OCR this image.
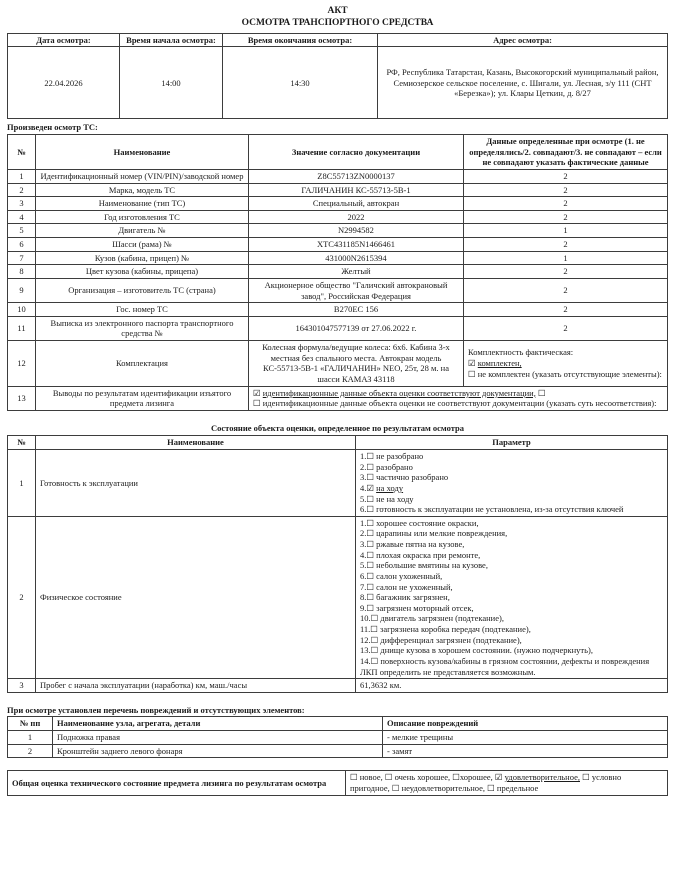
АКТ
ОСМОТРА ТРАНСПОРТНОГО СРЕДСТВА
Дата осмотра:	Время начала осмотра:	Время окончания осмотра:	Адрес осмотра:
22.04.2026	14:00	14:30	РФ, Республика Татарстан, Казань, Высокогорский муниципальный район, Семиозерское сельское поселение, с. Шигали, ул. Лесная, з/у 111 (СНТ «Березка»); ул. Клары Цеткин, д. 8/27
Произведен осмотр ТС:
№	Наименование	Значение согласно документации	Данные определенные при осмотре (1. не определялись/2. совпадают/3. не совпадают – если не совпадают указать фактические данные
1	Идентификационный номер (VIN/PIN)/заводской номер	Z8C55713ZN0000137	2
2	Марка, модель ТС	ГАЛИЧАНИН КС-55713-5В-1	2
3	Наименование (тип ТС)	Специальный, автокран	2
4	Год изготовления ТС	2022	2
5	Двигатель №	N2994582	1
6	Шасси (рама) №	XTC431185N1466461	2
7	Кузов (кабина, прицеп) №	431000N2615394	1
8	Цвет кузова (кабины, прицепа)	Желтый	2
9	Организация – изготовитель ТС (страна)	Акционерное общество "Галичский автокрановый завод", Российская Федерация	2
10	Гос. номер ТС	В270ЕС 156	2
11	Выписка из электронного паспорта транспортного средства №	164301047577139 от 27.06.2022 г.	2
12	Комплектация	Колесная формула/ведущие колеса: 6х6. Кабина 3-х местная без спального места. Автокран модель КС-55713-5В-1 «ГАЛИЧАНИН» NEO, 25т, 28 м. на шасси КАМАЗ 43118	Комплектность фактическая:
☑ комплектен,
☐ не комплектен (указать отсутствующие элементы):

13	Выводы по результатам идентификации изъятого предмета лизинга	☑ идентификационные данные объекта оценки соответствуют документации, ☐
☐ идентификационные данные объекта оценки не соответствуют документации (указать суть несоответствия):	
Состояние объекта оценки, определенное по результатам осмотра
№	Наименование	Параметр
1	Готовность к эксплуатации	
1.☐ не разобрано
2.☐ разобрано
3.☐ частично разобрано
4.☑ на ходу
5.☐ не на ходу
6.☐ готовность к эксплуатации не установлена, из-за отсутствия ключей

2	Физическое состояние	
1.☐ хорошее состояние окраски,
2.☐ царапины или мелкие повреждения,
3.☐ ржавые пятна на кузове,
4.☐ плохая окраска при ремонте,
5.☐ небольшие вмятины на кузове,
6.☐ салон ухоженный,
7.☐ салон не ухоженный,
8.☐ багажник загрязнен,
9.☐ загрязнен моторный отсек,
10.☐ двигатель загрязнен (подтекание),
11.☐ загрязнена коробка передач (подтекание),
12.☐ дифференциал загрязнен (подтекание),
13.☐ днище кузова в хорошем состоянии. (нужно подчеркнуть),
14.☐ поверхность кузова/кабины в грязном состоянии, дефекты и повреждения ЛКП определить не представляется возможным.

3	Пробег с начала эксплуатации (наработка) км, маш./часы	61,3632 км.
При осмотре установлен перечень повреждений и отсутствующих элементов:
№ пп	Наименование узла, агрегата, детали	Описание повреждений
1	Подножка правая	- мелкие трещины
2	Кронштейн заднего левого фонаря	- замят
Общая оценка технического состояние предмета лизинга по результатам осмотра	☐ новое, ☐ очень хорошее, ☐хорошее, ☑ удовлетворительное, ☐ условно пригодное, ☐ неудовлетворительное, ☐ предельное
